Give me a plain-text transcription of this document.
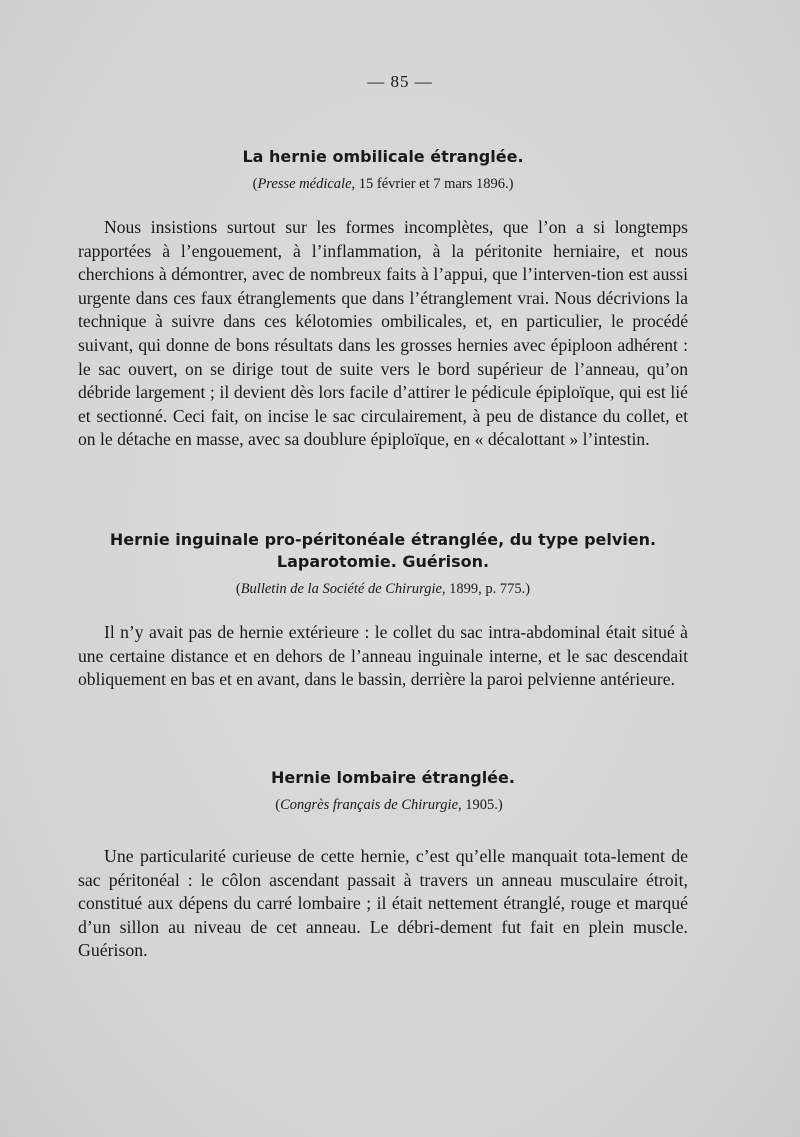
— 85 —

La hernie ombilicale étranglée.

(Presse médicale, 15 février et 7 mars 1896.)

Nous insistions surtout sur les formes incomplètes, que l’on a si longtemps rapportées à l’engouement, à l’inflammation, à la péritonite herniaire, et nous cherchions à démontrer, avec de nombreux faits à l’appui, que l’interven-tion est aussi urgente dans ces faux étranglements que dans l’étranglement vrai. Nous décrivions la technique à suivre dans ces kélotomies ombilicales, et, en particulier, le procédé suivant, qui donne de bons résultats dans les grosses hernies avec épiploon adhérent : le sac ouvert, on se dirige tout de suite vers le bord supérieur de l’anneau, qu’on débride largement ; il devient dès lors facile d’attirer le pédicule épiploïque, qui est lié et sectionné. Ceci fait, on incise le sac circulairement, à peu de distance du collet, et on le détache en masse, avec sa doublure épiploïque, en « décalottant » l’intestin.

Hernie inguinale pro-péritonéale étranglée, du type pelvien.
Laparotomie. Guérison.

(Bulletin de la Société de Chirurgie, 1899, p. 775.)

Il n’y avait pas de hernie extérieure : le collet du sac intra-abdominal était situé à une certaine distance et en dehors de l’anneau inguinale interne, et le sac descendait obliquement en bas et en avant, dans le bassin, derrière la paroi pelvienne antérieure.

Hernie lombaire étranglée.

(Congrès français de Chirurgie, 1905.)

Une particularité curieuse de cette hernie, c’est qu’elle manquait tota-lement de sac péritonéal : le côlon ascendant passait à travers un anneau musculaire étroit, constitué aux dépens du carré lombaire ; il était nettement étranglé, rouge et marqué d’un sillon au niveau de cet anneau. Le débri-dement fut fait en plein muscle. Guérison.
